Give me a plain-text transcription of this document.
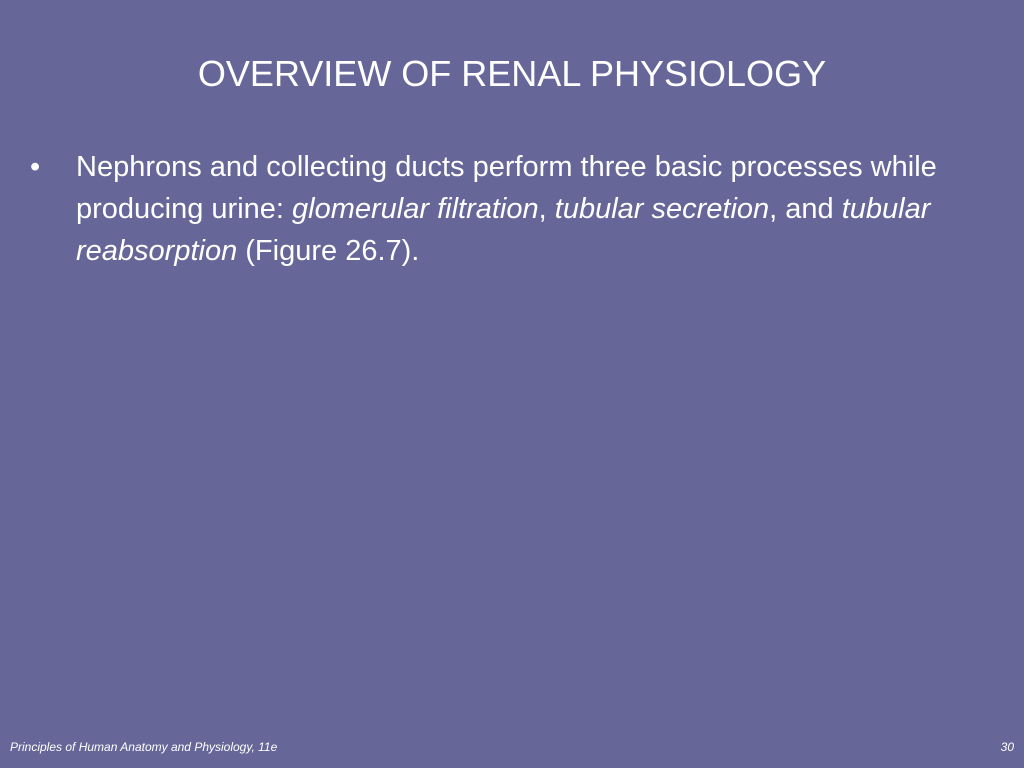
OVERVIEW OF RENAL PHYSIOLOGY
•	Nephrons and collecting ducts perform three basic processes while producing urine: glomerular filtration, tubular secretion, and tubular reabsorption (Figure 26.7).
Principles of Human Anatomy and Physiology, 11e	30
